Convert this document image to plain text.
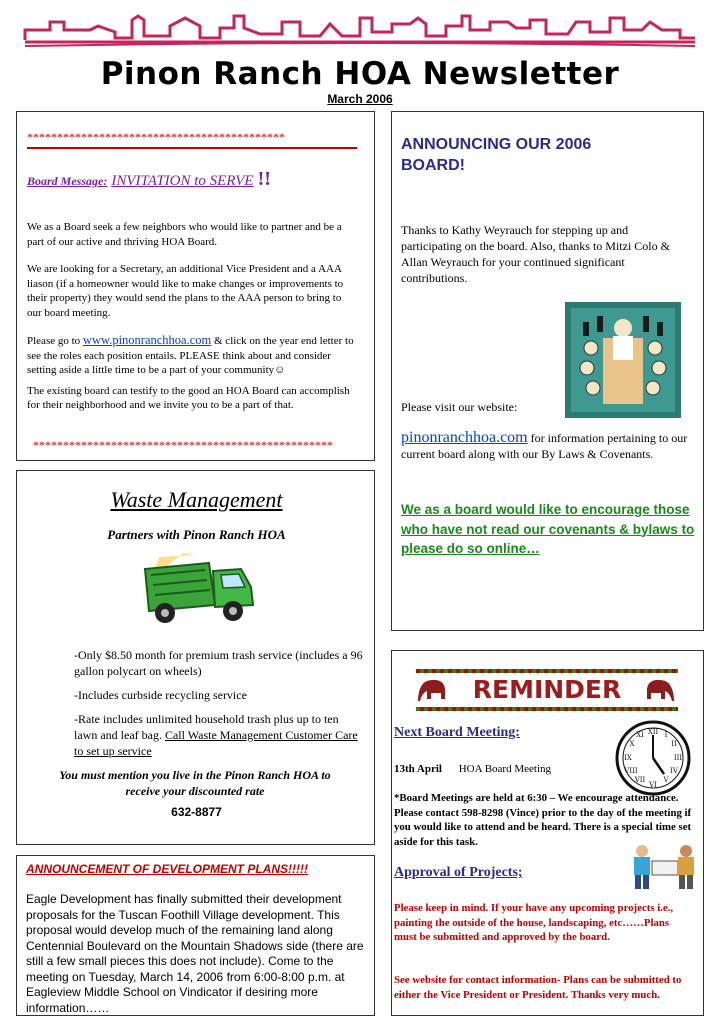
Pinon Ranch HOA Newsletter
March 2006
*******************************************
Board Message: INVITATION to SERVE !!

We as a Board seek a few neighbors who would like to partner and be a part of our active and thriving HOA Board.

We are looking for a Secretary, an additional Vice President and a AAA liason (if a homeowner would like to make changes or improvements to their property) they would send the plans to the AAA person to bring to our board meeting.

Please go to www.pinonranchhoa.com & click on the year end letter to see the roles each position entails. PLEASE think about and consider setting aside a little time to be a part of your community☺

The existing board can testify to the good an HOA Board can accomplish for their neighborhood and we invite you to be a part of that.

**************************************************
ANNOUNCING OUR 2006 BOARD!

Thanks to Kathy Weyrauch for stepping up and participating on the board. Also, thanks to Mitzi Colo & Allan Weyrauch for your continued significant contributions.

Please visit our website:

pinonranchhoa.com for information pertaining to our current board along with our By Laws & Covenants.

We as a board would like to encourage those who have not read our covenants & bylaws to please do so online…
Waste Management
Partners with Pinon Ranch HOA

-Only $8.50 month for premium trash service (includes a 96 gallon polycart on wheels)

-Includes curbside recycling service

-Rate includes unlimited household trash plus up to ten lawn and leaf bag. Call Waste Management Customer Care to set up service

You must mention you live in the Pinon Ranch HOA to receive your discounted rate
632-8877
REMINDER
XII I
II
III
IV
V
VI
VII
VIII
IX
X
XI
Next Board Meeting:
13th April HOA Board Meeting

*Board Meetings are held at 6:30 – We encourage attendance. Please contact 598-8298 (Vince) prior to the day of the meeting if you would like to attend and be heard. There is a special time set aside for this task.

Approval of Projects;

Please keep in mind. If your have any upcoming projects i.e., painting the outside of the house, landscaping, etc……Plans must be submitted and approved by the board.

See website for contact information- Plans can be submitted to either the Vice President or President. Thanks very much.

ANNOUNCEMENT OF DEVELOPMENT PLANS!!!!!

Eagle Development has finally submitted their development proposals for the Tuscan Foothill Village development. This proposal would develop much of the remaining land along Centennial Boulevard on the Mountain Shadows side (there are still a few small pieces this does not include). Come to the meeting on Tuesday, March 14, 2006 from 6:00-8:00 p.m. at Eagleview Middle School on Vindicator if desiring more information……
